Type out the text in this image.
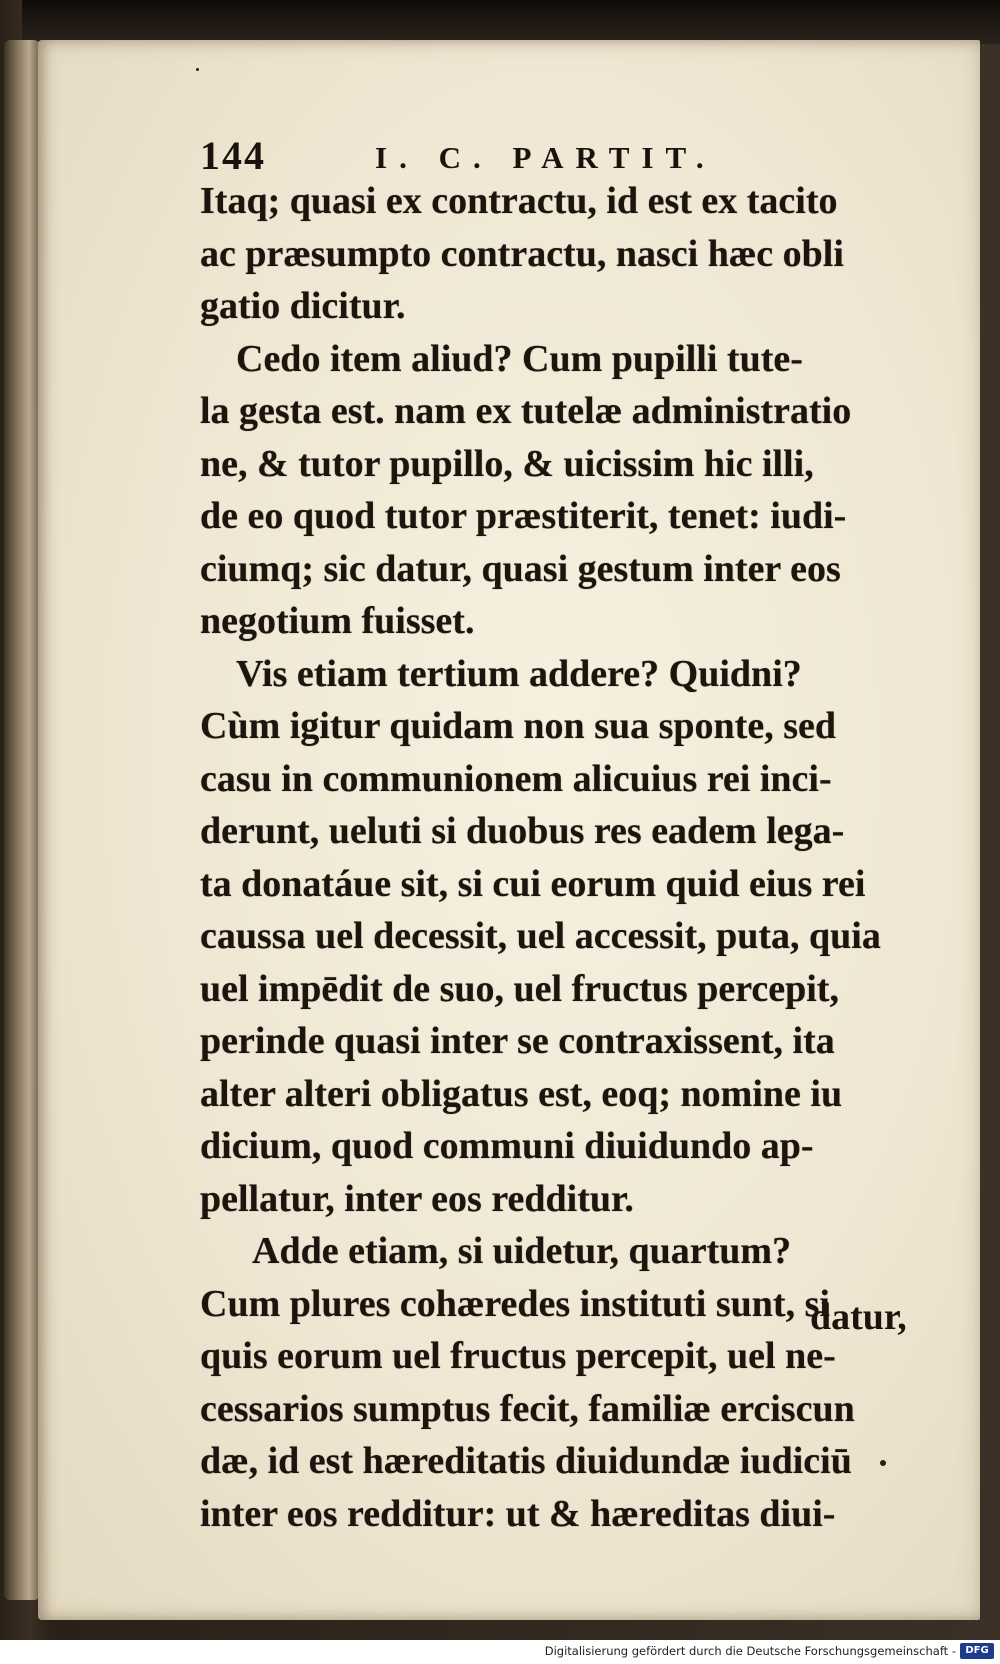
144	I. C. PARTIT.
Itaq; quasi ex contractu, id est ex tacito
ac præsumpto contractu, nasci hæc obli
gatio dicitur.
Cedo item aliud? Cum pupilli tute-
la gesta est. nam ex tutelæ administratio
ne, & tutor pupillo, & uicissim hic illi,
de eo quod tutor præstiterit, tenet: iudi-
ciumq; sic datur, quasi gestum inter eos
negotium fuisset.
Vis etiam tertium addere? Quidni?
Cùm igitur quidam non sua sponte, sed
casu in communionem alicuius rei inci-
derunt, ueluti si duobus res eadem lega-
ta donatáue sit, si cui eorum quid eius rei
caussa uel decessit, uel accessit, puta, quia
uel impēdit de suo, uel fructus percepit,
perinde quasi inter se contraxissent, ita
alter alteri obligatus est, eoq; nomine iu
dicium, quod communi diuidundo ap-
pellatur, inter eos redditur.
Adde etiam, si uidetur, quartum?
Cum plures cohæredes instituti sunt, si
quis eorum uel fructus percepit, uel ne-
cessarios sumptus fecit, familiæ erciscun
dæ, id est hæreditatis diuidundæ iudiciū
inter eos redditur: ut & hæreditas diui-
datur,
Digitalisierung gefördert durch die Deutsche Forschungsgemeinschaft - DFG
